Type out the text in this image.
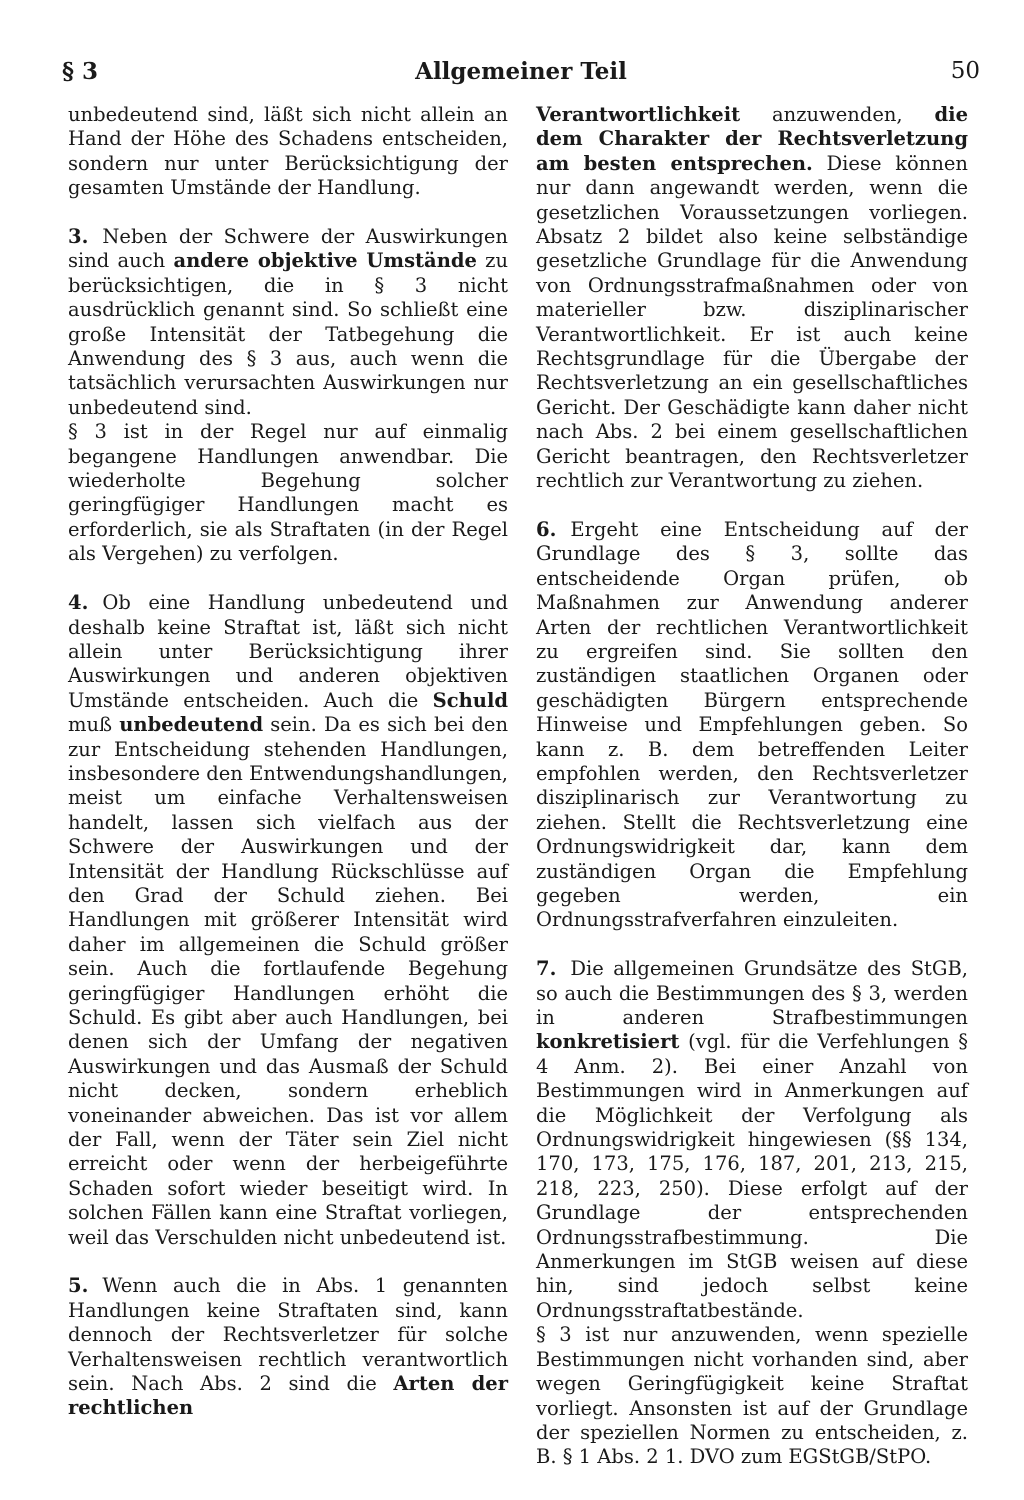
§ 3	Allgemeiner Teil	50

unbedeutend sind, läßt sich nicht allein an Hand der Höhe des Schadens entscheiden, sondern nur unter Berücksichtigung der gesamten Umstände der Handlung.

3. Neben der Schwere der Auswirkungen sind auch andere objektive Umstände zu berücksichtigen, die in § 3 nicht ausdrücklich genannt sind. So schließt eine große Intensität der Tatbegehung die Anwendung des § 3 aus, auch wenn die tatsächlich verursachten Auswirkungen nur unbedeutend sind.

§ 3 ist in der Regel nur auf einmalig begangene Handlungen anwendbar. Die wiederholte Begehung solcher geringfügiger Handlungen macht es erforderlich, sie als Straftaten (in der Regel als Vergehen) zu verfolgen.

4. Ob eine Handlung unbedeutend und deshalb keine Straftat ist, läßt sich nicht allein unter Berücksichtigung ihrer Auswirkungen und anderen objektiven Umstände entscheiden. Auch die Schuld muß unbedeutend sein. Da es sich bei den zur Entscheidung stehenden Handlungen, insbesondere den Entwendungshandlungen, meist um einfache Verhaltensweisen handelt, lassen sich vielfach aus der Schwere der Auswirkungen und der Intensität der Handlung Rückschlüsse auf den Grad der Schuld ziehen. Bei Handlungen mit größerer Intensität wird daher im allgemeinen die Schuld größer sein. Auch die fortlaufende Begehung geringfügiger Handlungen erhöht die Schuld. Es gibt aber auch Handlungen, bei denen sich der Umfang der negativen Auswirkungen und das Ausmaß der Schuld nicht decken, sondern erheblich voneinander abweichen. Das ist vor allem der Fall, wenn der Täter sein Ziel nicht erreicht oder wenn der herbeigeführte Schaden sofort wieder beseitigt wird. In solchen Fällen kann eine Straftat vorliegen, weil das Verschulden nicht unbedeutend ist.

5. Wenn auch die in Abs. 1 genannten Handlungen keine Straftaten sind, kann dennoch der Rechtsverletzer für solche Verhaltensweisen rechtlich verantwortlich sein. Nach Abs. 2 sind die Arten der rechtlichen

Verantwortlichkeit anzuwenden, die dem Charakter der Rechtsverletzung am besten entsprechen. Diese können nur dann angewandt werden, wenn die gesetzlichen Voraussetzungen vorliegen. Absatz 2 bildet also keine selbständige gesetzliche Grundlage für die Anwendung von Ordnungsstrafmaßnahmen oder von materieller bzw. disziplinarischer Verantwortlichkeit. Er ist auch keine Rechtsgrundlage für die Übergabe der Rechtsverletzung an ein gesellschaftliches Gericht. Der Geschädigte kann daher nicht nach Abs. 2 bei einem gesellschaftlichen Gericht beantragen, den Rechtsverletzer rechtlich zur Verantwortung zu ziehen.

6. Ergeht eine Entscheidung auf der Grundlage des § 3, sollte das entscheidende Organ prüfen, ob Maßnahmen zur Anwendung anderer Arten der rechtlichen Verantwortlichkeit zu ergreifen sind. Sie sollten den zuständigen staatlichen Organen oder geschädigten Bürgern entsprechende Hinweise und Empfehlungen geben. So kann z. B. dem betreffenden Leiter empfohlen werden, den Rechtsverletzer disziplinarisch zur Verantwortung zu ziehen. Stellt die Rechtsverletzung eine Ordnungswidrigkeit dar, kann dem zuständigen Organ die Empfehlung gegeben werden, ein Ordnungsstrafverfahren einzuleiten.

7. Die allgemeinen Grundsätze des StGB, so auch die Bestimmungen des § 3, werden in anderen Strafbestimmungen konkretisiert (vgl. für die Verfehlungen § 4 Anm. 2). Bei einer Anzahl von Bestimmungen wird in Anmerkungen auf die Möglichkeit der Verfolgung als Ordnungswidrigkeit hingewiesen (§§ 134, 170, 173, 175, 176, 187, 201, 213, 215, 218, 223, 250). Diese erfolgt auf der Grundlage der entsprechenden Ordnungsstrafbestimmung. Die Anmerkungen im StGB weisen auf diese hin, sind jedoch selbst keine Ordnungsstraftatbestände.

§ 3 ist nur anzuwenden, wenn spezielle Bestimmungen nicht vorhanden sind, aber wegen Geringfügigkeit keine Straftat vorliegt. Ansonsten ist auf der Grundlage der speziellen Normen zu entscheiden, z. B. § 1 Abs. 2 1. DVO zum EGStGB/StPO.
